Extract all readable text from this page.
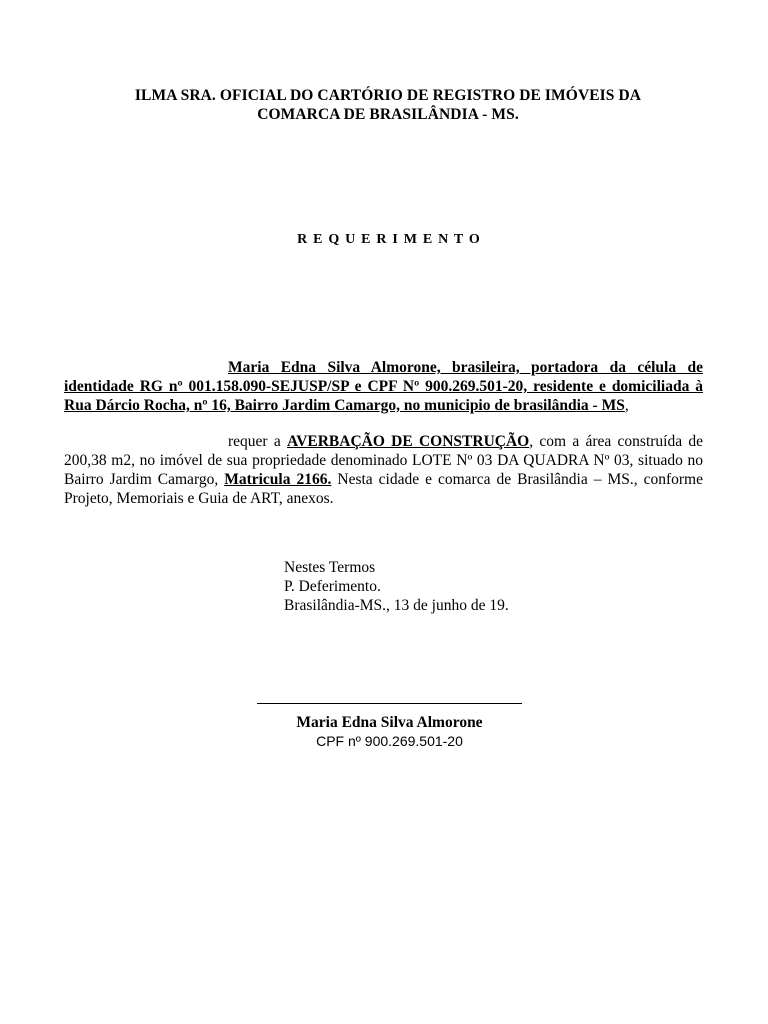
ILMA SRA. OFICIAL DO CARTÓRIO DE REGISTRO DE IMÓVEIS DA
COMARCA DE BRASILÂNDIA - MS.
R E Q U E R I M E N T O
Maria Edna Silva Almorone, brasileira, portadora da célula de identidade RG nº 001.158.090-SEJUSP/SP e CPF Nº 900.269.501-20, residente e domiciliada à Rua Dárcio Rocha, nº 16, Bairro Jardim Camargo, no municipio de brasilândia - MS,
requer a AVERBAÇÃO DE CONSTRUÇÃO, com a área construída de 200,38 m2, no imóvel de sua propriedade denominado LOTE Nº 03 DA QUADRA Nº 03, situado no Bairro Jardim Camargo, Matricula 2166. Nesta cidade e comarca de Brasilândia – MS., conforme Projeto, Memoriais e Guia de ART, anexos.
Nestes Termos
P. Deferimento.
Brasilândia-MS., 13 de junho de 19.
Maria Edna Silva Almorone
CPF nº 900.269.501-20
